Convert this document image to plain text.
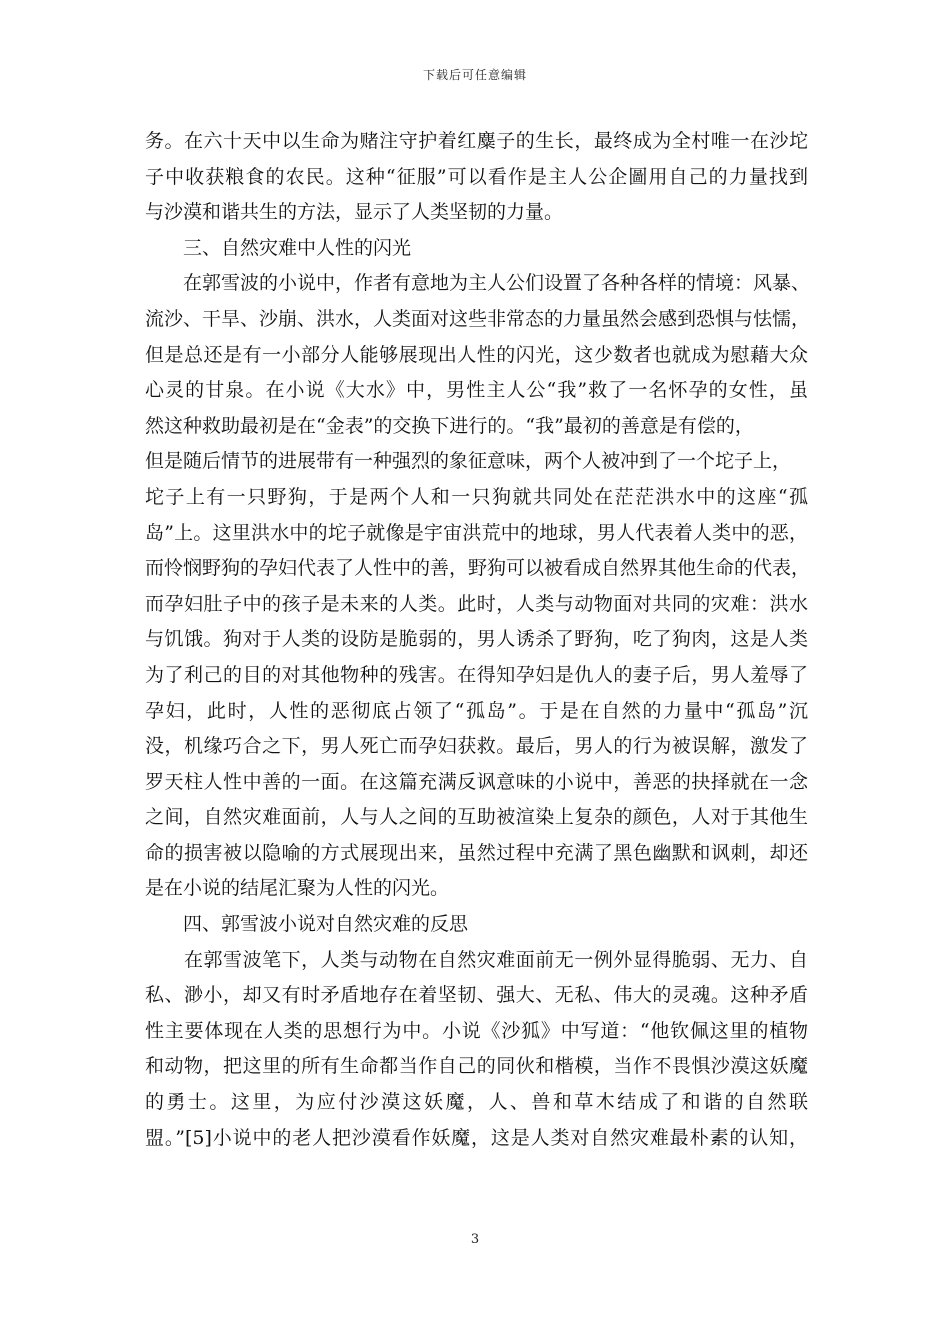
下载后可任意编辑
务。在六十天中以生命为赌注守护着红麋子的生长，最终成为全村唯一在沙坨
子中收获粮食的农民。这种“征服”可以看作是主人公企圖用自己的力量找到
与沙漠和谐共生的方法，显示了人类坚韧的力量。
　　三、自然灾难中人性的闪光
　　在郭雪波的小说中，作者有意地为主人公们设置了各种各样的情境：风暴、
流沙、干旱、沙崩、洪水，人类面对这些非常态的力量虽然会感到恐惧与怯懦，
但是总还是有一小部分人能够展现出人性的闪光，这少数者也就成为慰藉大众
心灵的甘泉。在小说《大水》中，男性主人公“我”救了一名怀孕的女性，虽
然这种救助最初是在“金表”的交换下进行的。“我”最初的善意是有偿的，
但是随后情节的进展带有一种强烈的象征意味，两个人被冲到了一个坨子上，
坨子上有一只野狗，于是两个人和一只狗就共同处在茫茫洪水中的这座“孤
岛”上。这里洪水中的坨子就像是宇宙洪荒中的地球，男人代表着人类中的恶，
而怜悯野狗的孕妇代表了人性中的善，野狗可以被看成自然界其他生命的代表，
而孕妇肚子中的孩子是未来的人类。此时，人类与动物面对共同的灾难：洪水
与饥饿。狗对于人类的设防是脆弱的，男人诱杀了野狗，吃了狗肉，这是人类
为了利己的目的对其他物种的残害。在得知孕妇是仇人的妻子后，男人羞辱了
孕妇，此时，人性的恶彻底占领了“孤岛”。于是在自然的力量中“孤岛”沉
没，机缘巧合之下，男人死亡而孕妇获救。最后，男人的行为被误解，激发了
罗天柱人性中善的一面。在这篇充满反讽意味的小说中，善恶的抉择就在一念
之间，自然灾难面前，人与人之间的互助被渲染上复杂的颜色，人对于其他生
命的损害被以隐喻的方式展现出来，虽然过程中充满了黑色幽默和讽刺，却还
是在小说的结尾汇聚为人性的闪光。
　　四、郭雪波小说对自然灾难的反思
　　在郭雪波笔下，人类与动物在自然灾难面前无一例外显得脆弱、无力、自
私、渺小，却又有时矛盾地存在着坚韧、强大、无私、伟大的灵魂。这种矛盾
性主要体现在人类的思想行为中。小说《沙狐》中写道：“他钦佩这里的植物
和动物，把这里的所有生命都当作自己的同伙和楷模，当作不畏惧沙漠这妖魔
的勇士。这里，为应付沙漠这妖魔，人、兽和草木结成了和谐的自然联
盟。”[5]小说中的老人把沙漠看作妖魔，这是人类对自然灾难最朴素的认知，
3
